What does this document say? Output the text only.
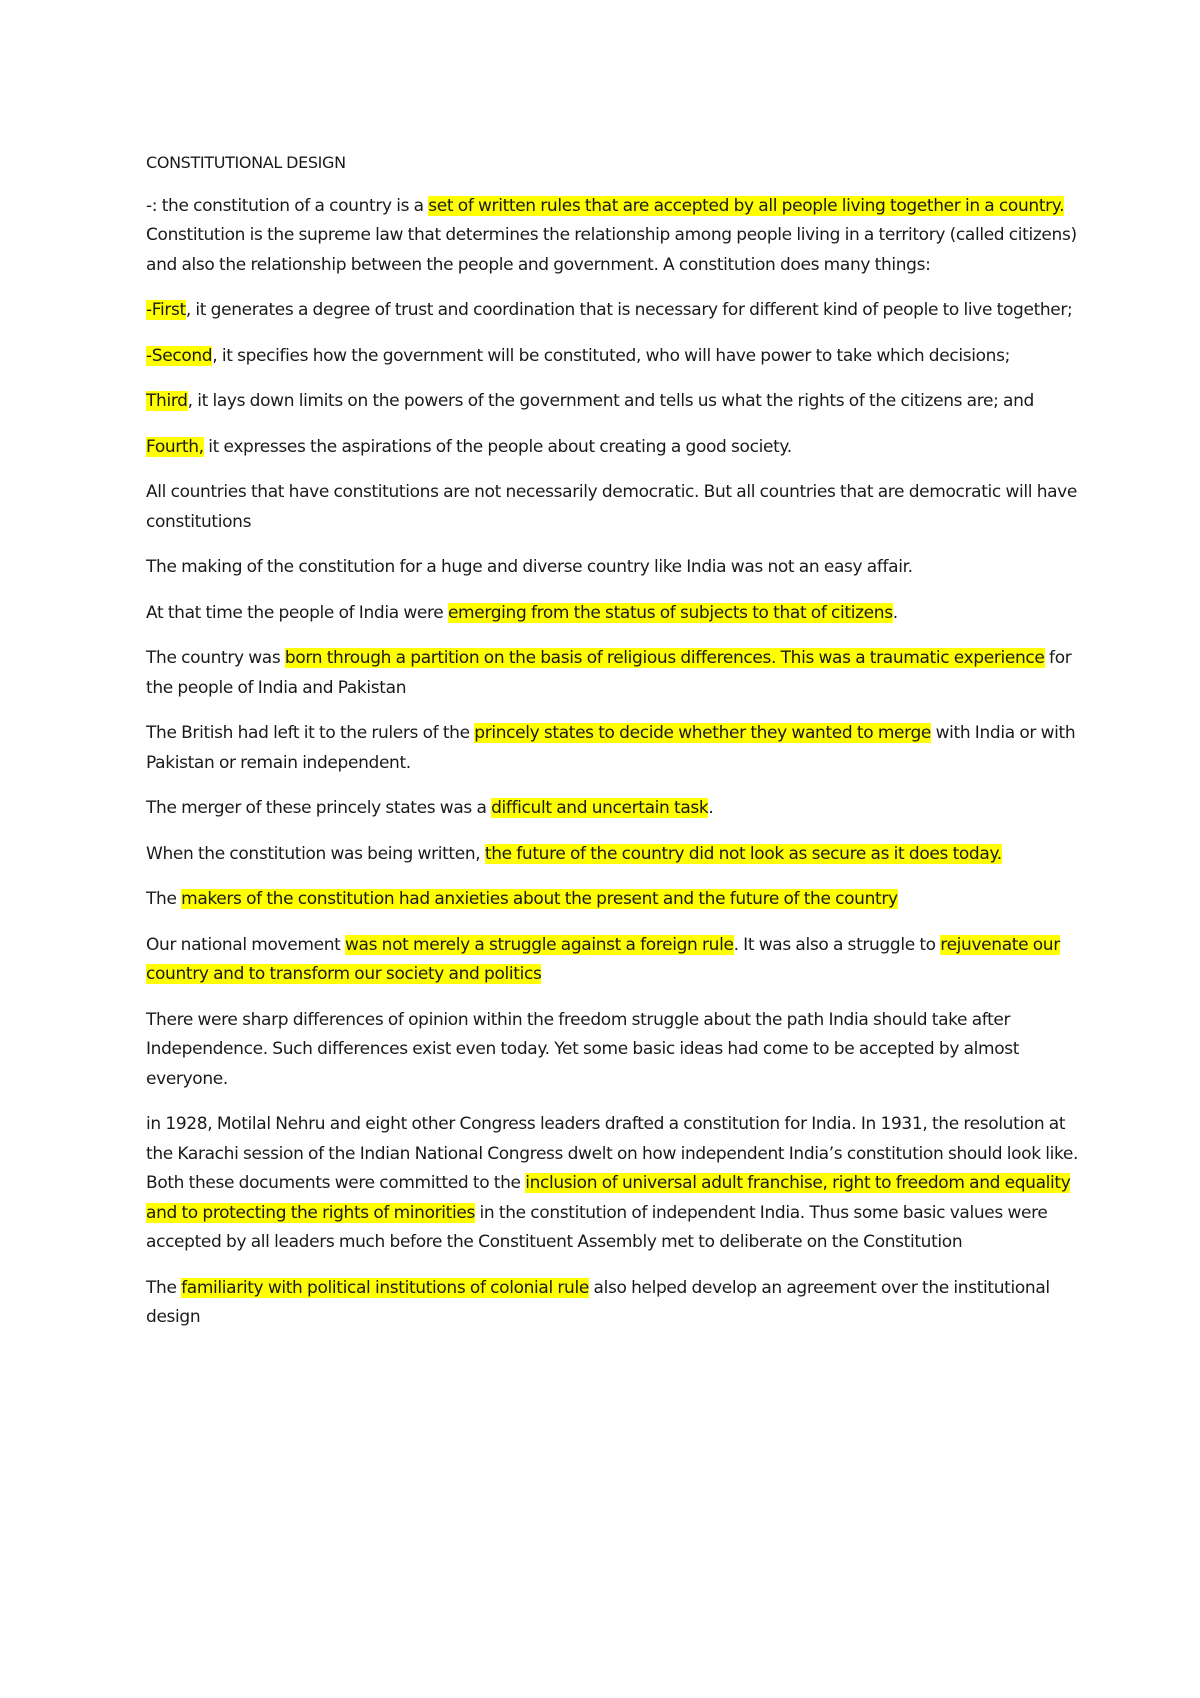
CONSTITUTIONAL DESIGN

-: the constitution of a country is a set of written rules that are accepted by all people living together in a country. Constitution is the supreme law that determines the relationship among people living in a territory (called citizens) and also the relationship between the people and government. A constitution does many things:

-First, it generates a degree of trust and coordination that is necessary for different kind of people to live together;

-Second, it specifies how the government will be constituted, who will have power to take which decisions;

Third, it lays down limits on the powers of the government and tells us what the rights of the citizens are; and

Fourth, it expresses the aspirations of the people about creating a good society.

All countries that have constitutions are not necessarily democratic. But all countries that are democratic will have constitutions

The making of the constitution for a huge and diverse country like India was not an easy affair.

At that time the people of India were emerging from the status of subjects to that of citizens.

The country was born through a partition on the basis of religious differences. This was a traumatic experience for the people of India and Pakistan

The British had left it to the rulers of the princely states to decide whether they wanted to merge with India or with Pakistan or remain independent.

The merger of these princely states was a difficult and uncertain task.

When the constitution was being written, the future of the country did not look as secure as it does today.

The makers of the constitution had anxieties about the present and the future of the country

Our national movement was not merely a struggle against a foreign rule. It was also a struggle to rejuvenate our country and to transform our society and politics

There were sharp differences of opinion within the freedom struggle about the path India should take after Independence. Such differences exist even today. Yet some basic ideas had come to be accepted by almost everyone.

in 1928, Motilal Nehru and eight other Congress leaders drafted a constitution for India. In 1931, the resolution at the Karachi session of the Indian National Congress dwelt on how independent India’s constitution should look like. Both these documents were committed to the inclusion of universal adult franchise, right to freedom and equality and to protecting the rights of minorities in the constitution of independent India. Thus some basic values were accepted by all leaders much before the Constituent Assembly met to deliberate on the Constitution

The familiarity with political institutions of colonial rule also helped develop an agreement over the institutional design
